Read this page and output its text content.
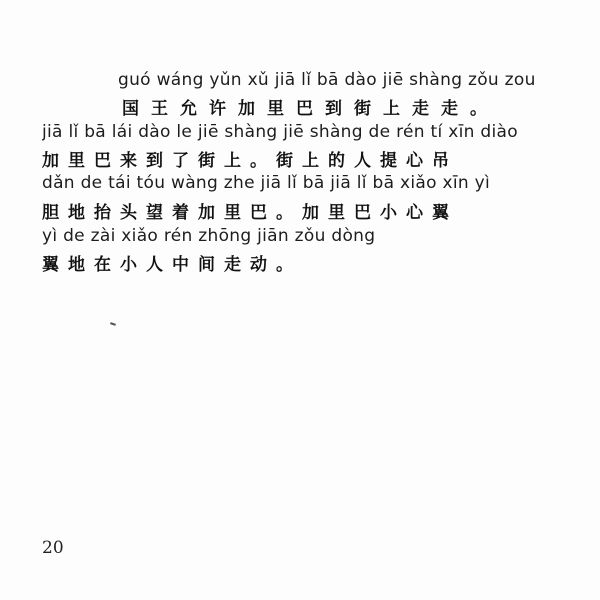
guó wáng yǔn xǔ jiā lǐ bā dào jiē shàng zǒu zou
国王允许加里巴到街上走走。
jiā lǐ bā lái dào le jiē shàng jiē shàng de rén tí xīn diào
加里巴来到了街上。街上的人提心吊
dǎn de tái tóu wàng zhe jiā lǐ bā jiā lǐ bā xiǎo xīn yì
胆地抬头望着加里巴。加里巴小心翼
yì de zài xiǎo rén zhōng jiān zǒu dòng
翼地在小人中间走动。
20
